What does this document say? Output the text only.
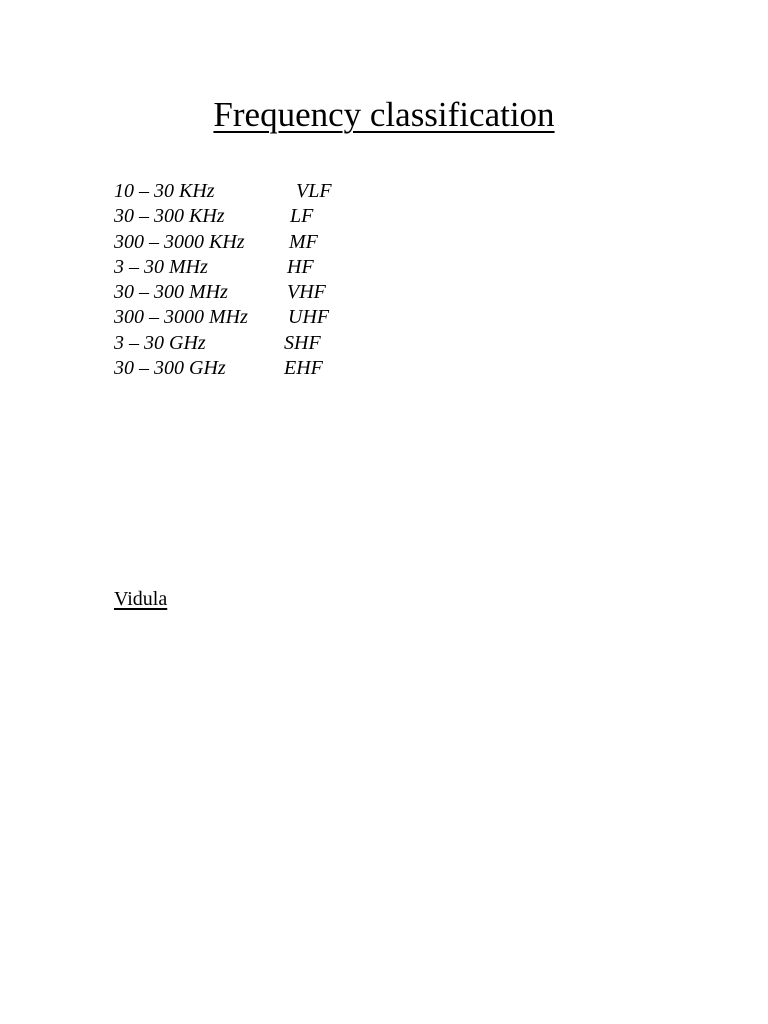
Frequency classification
10 – 30 KHz	VLF
30 – 300 KHz	LF
300 – 3000 KHz MF
3 – 30 MHz	HF
30 – 300 MHz	VHF
300 – 3000 MHz UHF
3 – 30 GHz	SHF
30 – 300 GHz	EHF
Vidula
